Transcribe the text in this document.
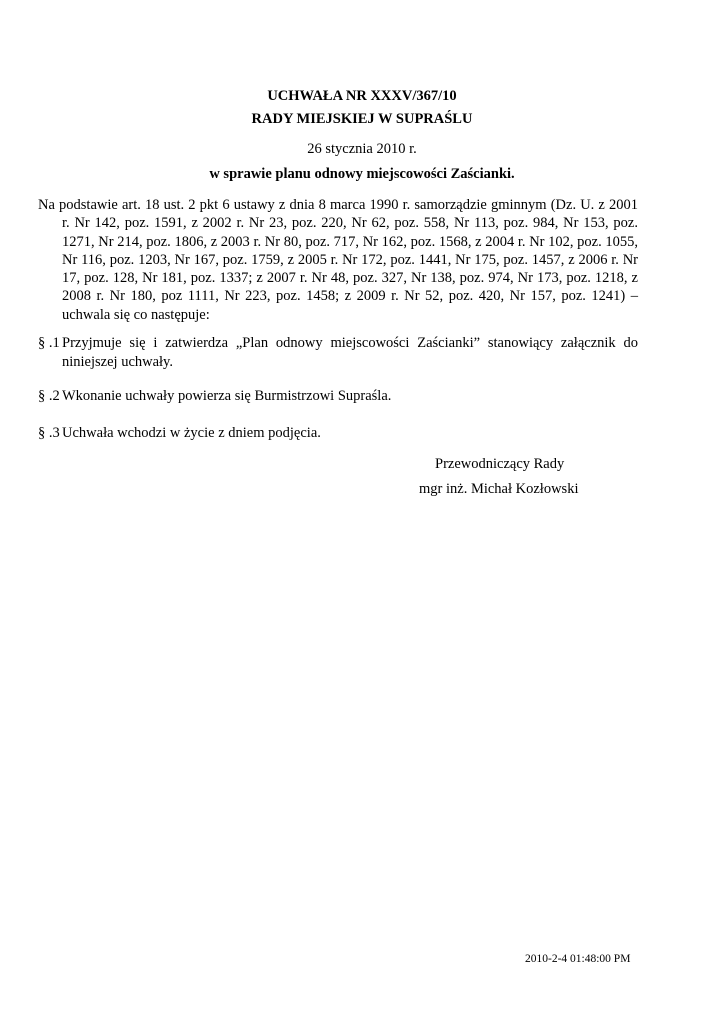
UCHWAŁA NR XXXV/367/10
RADY MIEJSKIEJ W SUPRAŚLU
26 stycznia 2010 r.
w sprawie planu odnowy miejscowości Zaścianki.
Na podstawie art. 18 ust. 2 pkt 6 ustawy z dnia 8 marca 1990 r. samorządzie gminnym (Dz. U. z 2001 r. Nr 142, poz. 1591, z 2002 r. Nr 23, poz. 220, Nr 62, poz. 558, Nr 113, poz. 984, Nr 153, poz. 1271, Nr 214, poz. 1806, z 2003 r. Nr 80, poz. 717, Nr 162, poz. 1568, z 2004 r. Nr 102, poz. 1055, Nr 116, poz. 1203, Nr 167, poz. 1759, z 2005 r. Nr 172, poz. 1441, Nr 175, poz. 1457, z 2006 r. Nr 17, poz. 128, Nr 181, poz. 1337; z 2007 r. Nr 48, poz. 327, Nr 138, poz. 974, Nr 173, poz. 1218, z 2008 r. Nr 180, poz 1111, Nr 223, poz. 1458; z 2009 r. Nr 52, poz. 420, Nr 157, poz. 1241) – uchwala się co następuje:
§ .1 Przyjmuje się i zatwierdza „Plan odnowy miejscowości Zaścianki” stanowiący załącznik do niniejszej uchwały.
§ .2 Wkonanie uchwały powierza się Burmistrzowi Supraśla.
§ .3 Uchwała wchodzi w życie z dniem podjęcia.
Przewodniczący Rady
mgr inż. Michał Kozłowski
2010-2-4 01:48:00 PM
